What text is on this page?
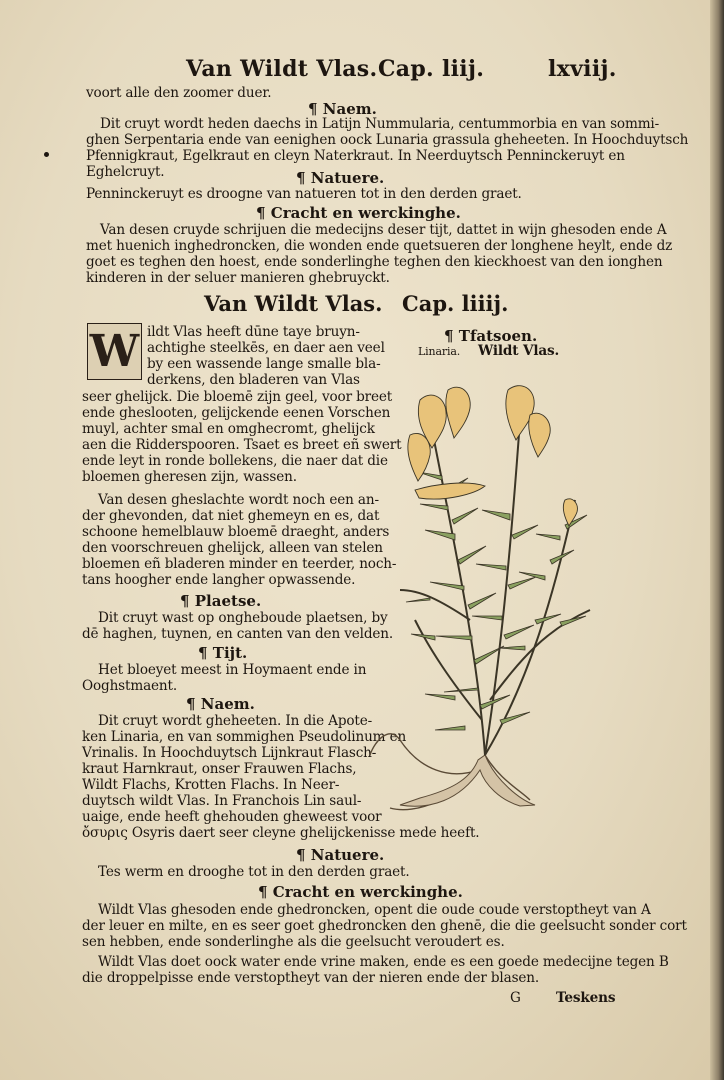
Van Wildt Vlas. Cap. liij.	lxviij.
voort alle den zoomer duer.
¶ Naem.
Dit cruyt wordt heden daechs in Latijn Nummularia, centummorbia en van sommi-
ghen Serpentaria ende van eenighen oock Lunaria grassula gheheeten. In Hoochduytsch
Pfennigkraut, Egelkraut en cleyn Naterkraut. In Neerduytsch Penninckeruyt en
Eghelcruyt.	¶ Natuere.
Penninckeruyt es droogne van natueren tot in den derden graet.
¶ Cracht en werckinghe.
Van desen cruyde schrijuen die medecijns deser tijt, dattet in wijn ghesoden ende A
met huenich inghedroncken, die wonden ende quetsueren der longhene heylt, ende dz
goet es teghen den hoest, ende sonderlinghe teghen den kieckhoest van den ionghen
kinderen in der seluer manieren ghebruyckt.
Van Wildt Vlas. Cap. liiij.
¶ Tfatsoen.
Linaria. Wildt Vlas.
W ildt Vlas heeft dūne taye bruyn-
achtighe steelkēs, en daer aen veel
by een wassende lange smalle bla-
derkens, den bladeren van Vlas
seer ghelijck. Die bloemē zijn geel, voor breet
ende gheslooten, gelijckende eenen Vorschen
muyl, achter smal en omghecromt, ghelijck
aen die Ridderspooren. Tsaet es breet eñ swert
ende leyt in ronde bollekens, die naer dat die
bloemen gheresen zijn, wassen.
Van desen gheslachte wordt noch een an-
der ghevonden, dat niet ghemeyn en es, dat
schoone hemelblauw bloemē draeght, anders
den voorschreuen ghelijck, alleen van stelen
bloemen eñ bladeren minder en teerder, noch-
tans hoogher ende langher opwassende.
¶ Plaetse.
Dit cruyt wast op ongheboude plaetsen, by
dē haghen, tuynen, en canten van den velden.
¶ Tijt.
Het bloeyet meest in Hoymaent ende in
Ooghstmaent.
¶ Naem.
Dit cruyt wordt gheheeten. In die Apote-
ken Linaria, en van sommighen Pseudolinum en
Vrinalis. In Hoochduytsch Lijnkraut Flasch-
kraut Harnkraut, onser Frauwen Flachs,
Wildt Flachs, Krotten Flachs. In Neer-
duytsch wildt Vlas. In Franchois Lin saul-
uaige, ende heeft ghehouden gheweest voor
ὄσυρις Osyris daert seer cleyne ghelijckenisse mede heeft.
¶ Natuere.
Tes werm en drooghe tot in den derden graet.
¶ Cracht en werckinghe.
Wildt Vlas ghesoden ende ghedroncken, opent die oude coude verstoptheyt van A
der leuer en milte, en es seer goet ghedroncken den ghenē, die die geelsucht sonder cort
sen hebben, ende sonderlinghe als die geelsucht veroudert es.
Wildt Vlas doet oock water ende vrine maken, ende es een goede medecijne tegen B
die droppelpisse ende verstoptheyt van der nieren ende der blasen.
G	Teskens
